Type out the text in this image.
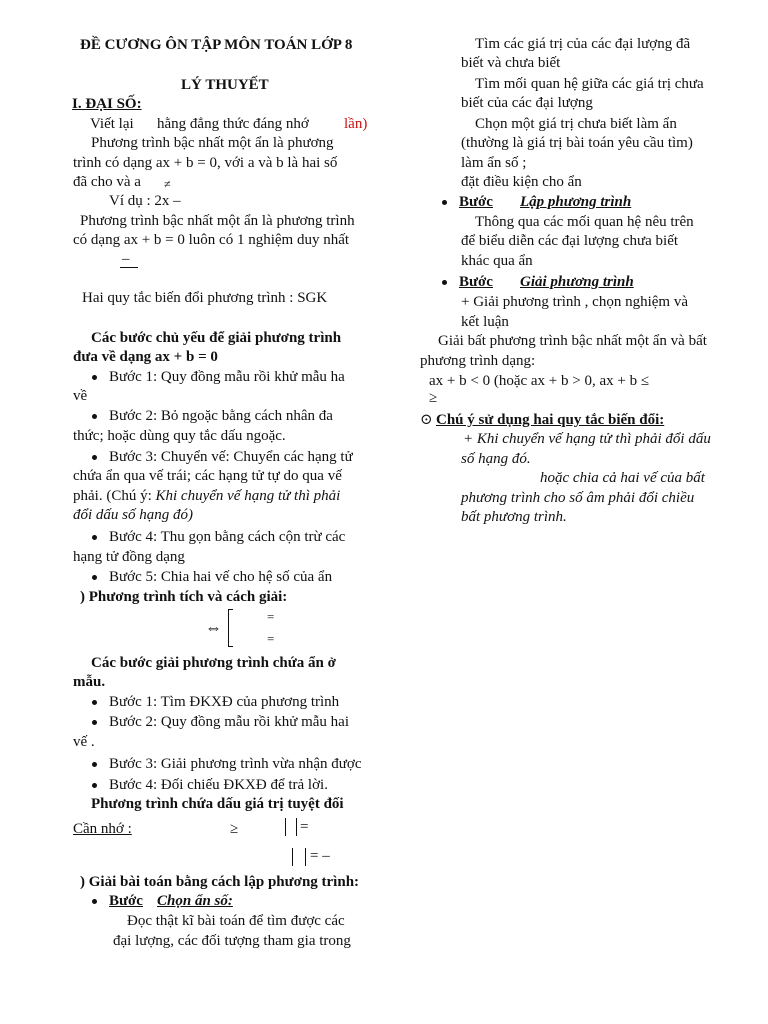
ĐỀ CƯƠNG ÔN TẬP MÔN TOÁN LỚP 8
LÝ THUYẾT
I. ĐẠI SỐ:
Viết lại hằng đẳng thức đáng nhớ lần)
Phương trình bậc nhất một ẩn là phương
trình có dạng ax + b = 0, với a và b là hai số
đã cho và a ≠
Ví dụ : 2x –
Phương trình bậc nhất một ẩn là phương trình
có dạng ax + b = 0 luôn có 1 nghiệm duy nhất
–
Hai quy tắc biến đổi phương trình : SGK
Các bước chủ yếu để giải phương trình
đưa về dạng ax + b = 0
Bước 1: Quy đồng mẫu rồi khử mẫu ha
về
Bước 2: Bỏ ngoặc bằng cách nhân đa
thức; hoặc dùng quy tắc dấu ngoặc.
Bước 3: Chuyển vế: Chuyển các hạng tử
chứa ẩn qua vế trái; các hạng tử tự do qua vế
phải. (Chú ý: Khi chuyển vế hạng tử thì phải
đổi dấu số hạng đó)
Bước 4: Thu gọn bằng cách cộn trừ các
hạng tử đồng dạng
Bước 5: Chia hai vế cho hệ số của ẩn
) Phương trình tích và cách giải:
⇔
=
=
Các bước giải phương trình chứa ẩn ở
mẫu.
Bước 1: Tìm ĐKXĐ của phương trình
Bước 2: Quy đồng mẫu rồi khử mẫu hai
vế .
Bước 3: Giải phương trình vừa nhận được
Bước 4: Đối chiếu ĐKXĐ để trả lời.
Phương trình chứa dấu giá trị tuyệt đối
Cần nhớ :	≥	=
= –
) Giải bài toán bằng cách lập phương trình:
Bước Chọn ẩn số:
Đọc thật kĩ bài toán để tìm được các
đại lượng, các đối tượng tham gia trong
Tìm các giá trị của các đại lượng đã
biết và chưa biết
Tìm mối quan hệ giữa các giá trị chưa
biết của các đại lượng
Chọn một giá trị chưa biết làm ẩn
(thường là giá trị bài toán yêu cầu tìm)
làm ẩn số ;
đặt điều kiện cho ẩn
Bước Lập phương trình
Thông qua các mối quan hệ nêu trên
để biểu diễn các đại lượng chưa biết
khác qua ẩn
Bước Giải phương trình
+ Giải phương trình , chọn nghiệm và
kết luận
Giải bất phương trình bậc nhất một ẩn và bất
phương trình dạng:
ax + b < 0 (hoặc ax + b > 0, ax + b ≤
≥
⊙ Chú ý sử dụng hai quy tắc biến đổi:
+ Khi chuyển vế hạng tử thì phải đổi dấu
số hạng đó.
hoặc chia cả hai vế của bất
phương trình cho số âm phải đổi chiều
bất phương trình.
